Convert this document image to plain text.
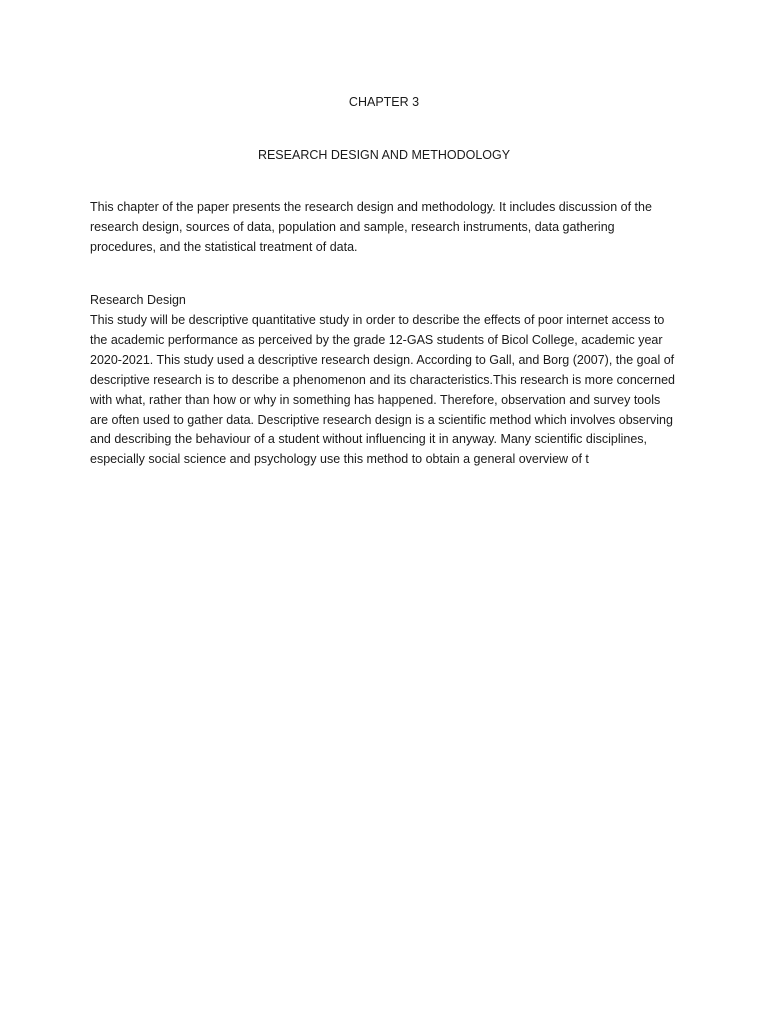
CHAPTER 3
RESEARCH DESIGN AND METHODOLOGY

This chapter of the paper presents the research design and methodology. It includes discussion of the research design, sources of data, population and sample, research instruments, data gathering procedures, and the statistical treatment of data.

Research Design

This study will be descriptive quantitative study in order to describe the effects of poor internet access to the academic performance as perceived by the grade 12-GAS students of Bicol College, academic year 2020-2021. This study used a descriptive research design. According to Gall, and Borg (2007), the goal of descriptive research is to describe a phenomenon and its characteristics.This research is more concerned with what, rather than how or why in something has happened. Therefore, observation and survey tools are often used to gather data. Descriptive research design is a scientific method which involves observing and describing the behaviour of a student without influencing it in anyway. Many scientific disciplines, especially social science and psychology use this method to obtain a general overview of t
